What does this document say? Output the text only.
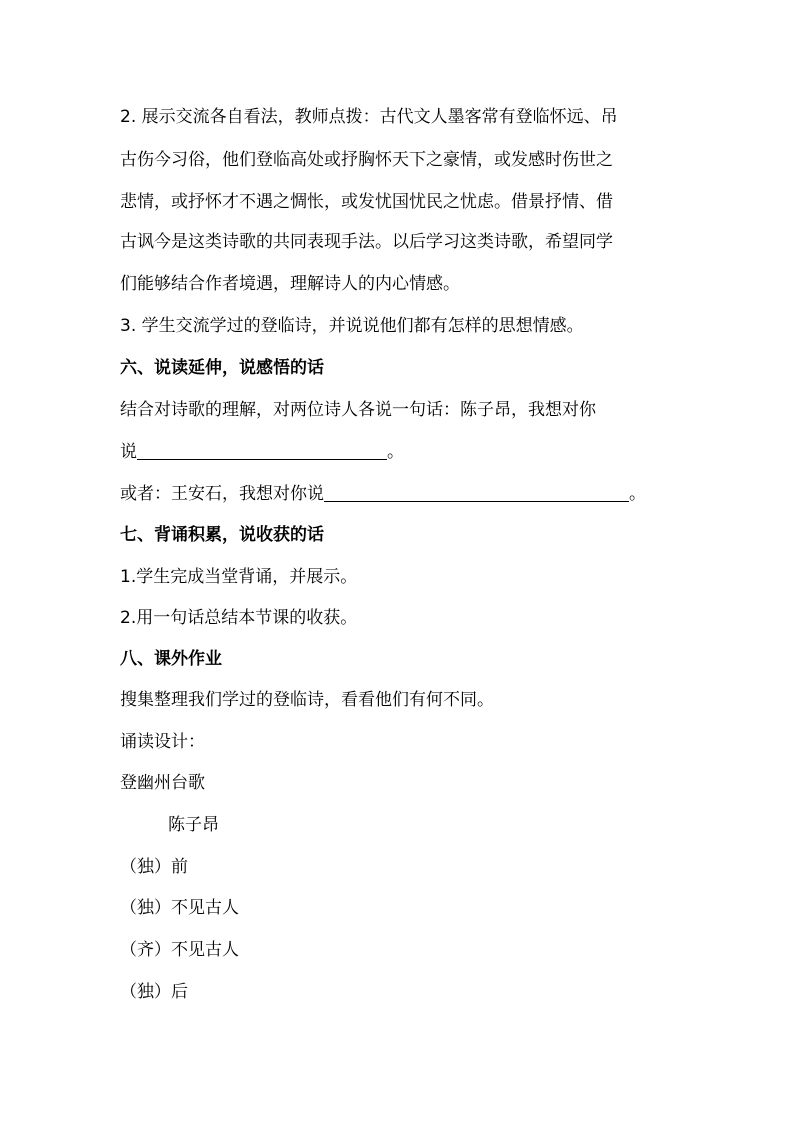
2. 展示交流各自看法，教师点拨：古代文人墨客常有登临怀远、吊
古伤今习俗，他们登临高处或抒胸怀天下之豪情，或发感时伤世之
悲情，或抒怀才不遇之惆怅，或发忧国忧民之忧虑。借景抒情、借
古讽今是这类诗歌的共同表现手法。以后学习这类诗歌，希望同学
们能够结合作者境遇，理解诗人的内心情感。
3. 学生交流学过的登临诗，并说说他们都有怎样的思想情感。
六、说读延伸，说感悟的话
结合对诗歌的理解，对两位诗人各说一句话：陈子昂，我想对你
说	。
或者：王安石，我想对你说	。
七、背诵积累，说收获的话
1.学生完成当堂背诵，并展示。
2.用一句话总结本节课的收获。
八、课外作业
搜集整理我们学过的登临诗，看看他们有何不同。
诵读设计：
登幽州台歌
陈子昂
（独）前
（独）不见古人
（齐）不见古人
（独）后
